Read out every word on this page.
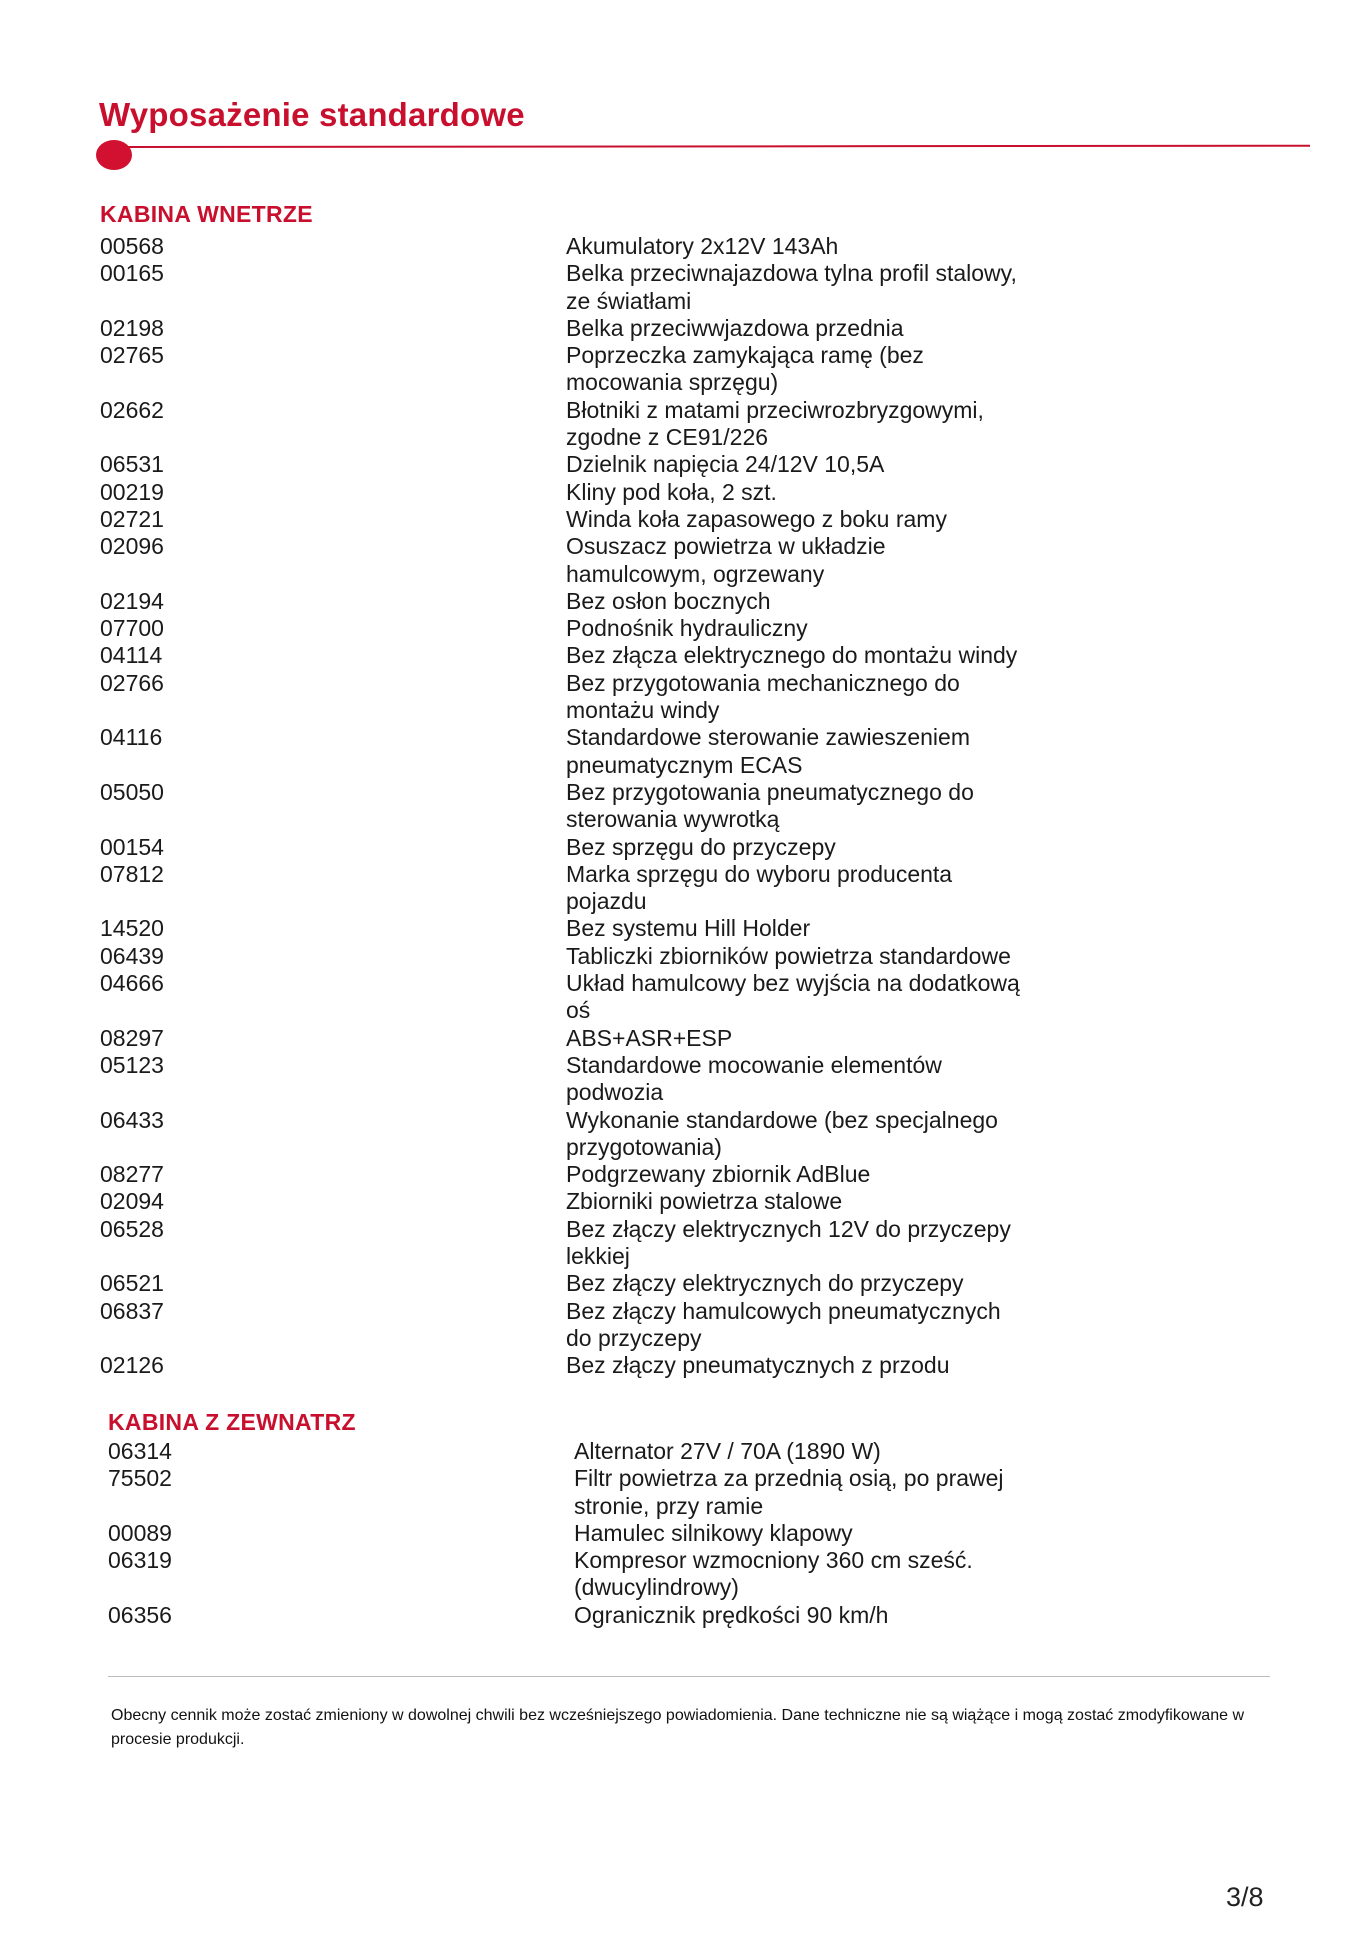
Wyposażenie standardowe
KABINA WNETRZE
00568	Akumulatory 2x12V 143Ah
00165	Belka przeciwnajazdowa tylna profil stalowy, ze światłami
02198	Belka przeciwwjazdowa przednia
02765	Poprzeczka zamykająca ramę (bez mocowania sprzęgu)
02662	Błotniki z matami przeciwrozbryzgowymi, zgodne z CE91/226
06531	Dzielnik napięcia 24/12V 10,5A
00219	Kliny pod koła, 2 szt.
02721	Winda koła zapasowego z boku ramy
02096	Osuszacz powietrza w układzie hamulcowym, ogrzewany
02194	Bez osłon bocznych
07700	Podnośnik hydrauliczny
04114	Bez złącza elektrycznego do montażu windy
02766	Bez przygotowania mechanicznego do montażu windy
04116	Standardowe sterowanie zawieszeniem pneumatycznym ECAS
05050	Bez przygotowania pneumatycznego do sterowania wywrotką
00154	Bez sprzęgu do przyczepy
07812	Marka sprzęgu do wyboru producenta pojazdu
14520	Bez systemu Hill Holder
06439	Tabliczki zbiorników powietrza standardowe
04666	Układ hamulcowy bez wyjścia na dodatkową oś
08297	ABS+ASR+ESP
05123	Standardowe mocowanie elementów podwozia
06433	Wykonanie standardowe (bez specjalnego przygotowania)
08277	Podgrzewany zbiornik AdBlue
02094	Zbiorniki powietrza stalowe
06528	Bez złączy elektrycznych 12V do przyczepy lekkiej
06521	Bez złączy elektrycznych do przyczepy
06837	Bez złączy hamulcowych pneumatycznych do przyczepy
02126	Bez złączy pneumatycznych z przodu
KABINA Z ZEWNATRZ
06314	Alternator 27V / 70A (1890 W)
75502	Filtr powietrza za przednią osią, po prawej stronie, przy ramie
00089	Hamulec silnikowy klapowy
06319	Kompresor wzmocniony 360 cm sześć. (dwucylindrowy)
06356	Ogranicznik prędkości 90 km/h
Obecny cennik może zostać zmieniony w dowolnej chwili bez wcześniejszego powiadomienia. Dane techniczne nie są wiążące i mogą zostać zmodyfikowane w procesie produkcji.
3/8
